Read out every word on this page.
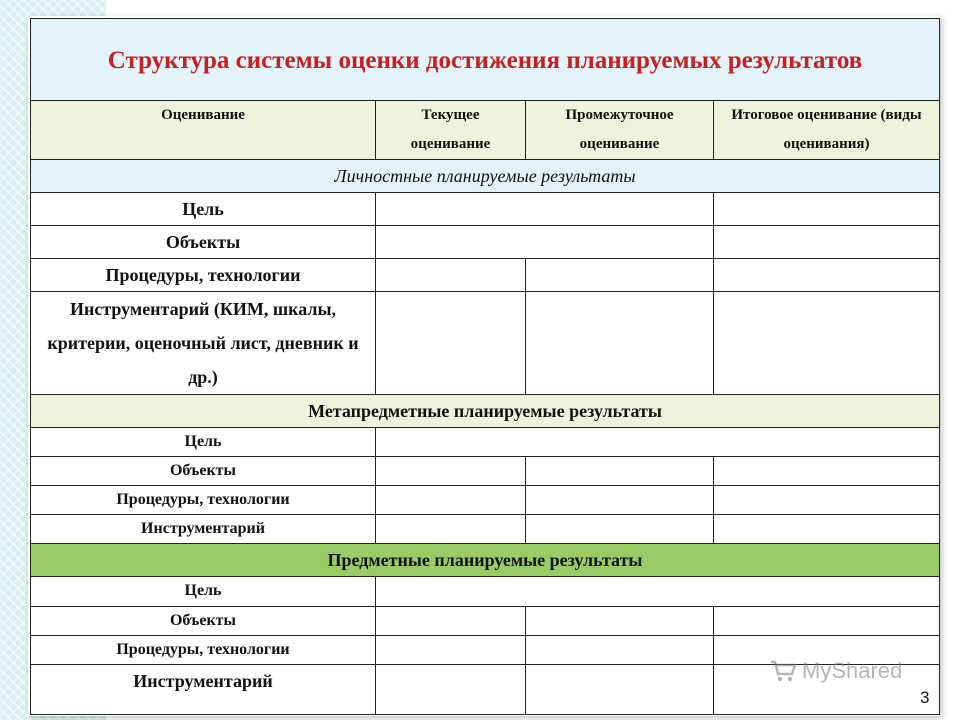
Структура системы оценки достижения планируемых результатов			
Оценивание	Текущее оценивание	Промежуточное оценивание	Итоговое оценивание (виды оценивания)
Личностные планируемые результаты			
Цель			
Объекты			
Процедуры, технологии			
Инструментарий (КИМ, шкалы, критерии, оценочный лист, дневник и др.)			
Метапредметные планируемые результаты			
Цель			
Объекты			
Процедуры, технологии			
Инструментарий			
Предметные планируемые результаты			
Цель			
Объекты			
Процедуры, технологии			
Инструментарий				MyShared
3
